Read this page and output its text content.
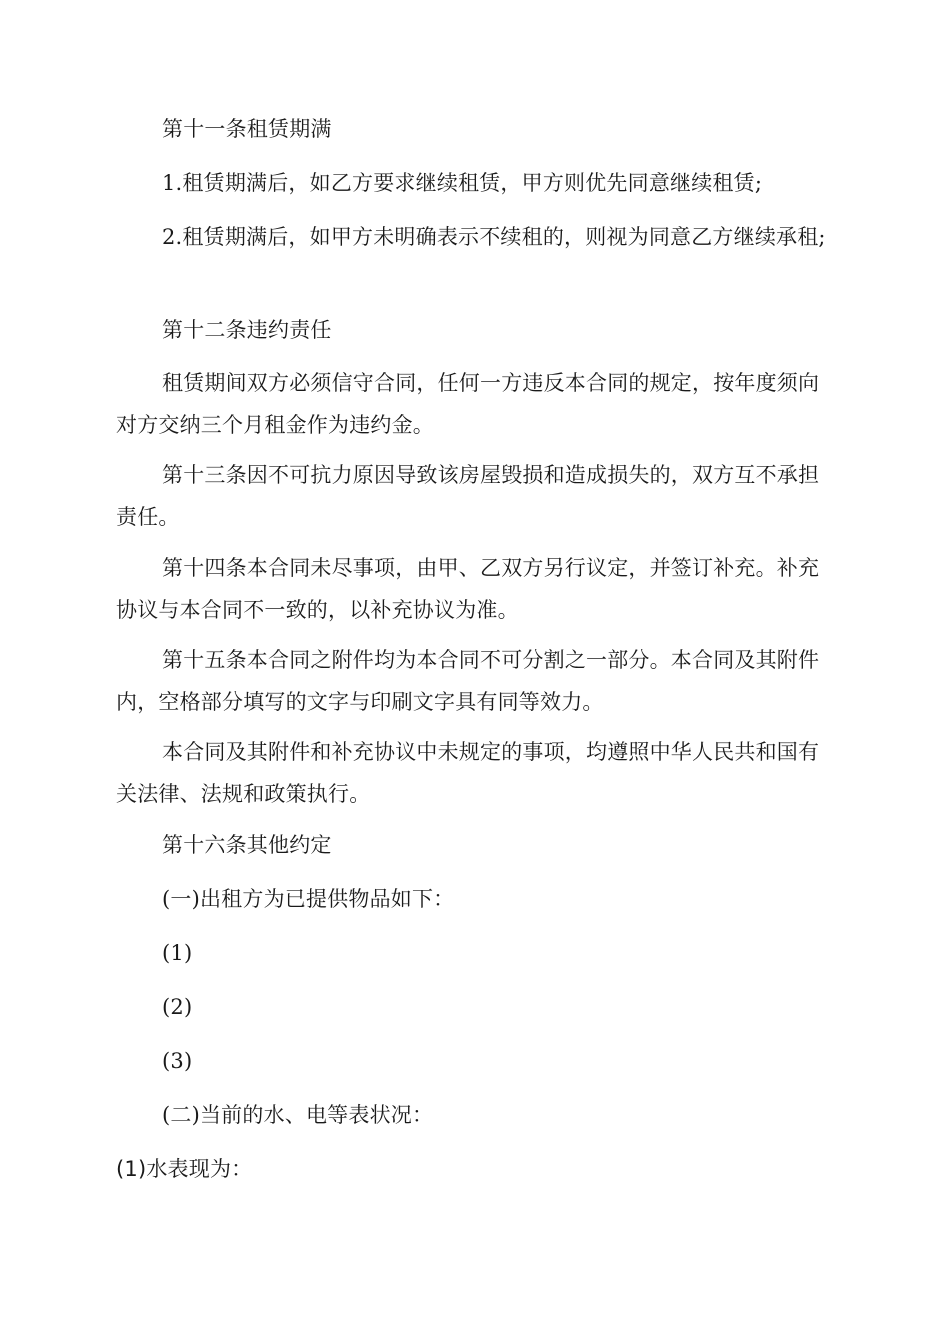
第十一条租赁期满

1.租赁期满后，如乙方要求继续租赁，甲方则优先同意继续租赁;

2.租赁期满后，如甲方未明确表示不续租的，则视为同意乙方继续承租;

第十二条违约责任

租赁期间双方必须信守合同，任何一方违反本合同的规定，按年度须向对方交纳三个月租金作为违约金。

第十三条因不可抗力原因导致该房屋毁损和造成损失的，双方互不承担责任。

第十四条本合同未尽事项，由甲、乙双方另行议定，并签订补充。补充协议与本合同不一致的，以补充协议为准。

第十五条本合同之附件均为本合同不可分割之一部分。本合同及其附件内，空格部分填写的文字与印刷文字具有同等效力。

本合同及其附件和补充协议中未规定的事项，均遵照中华人民共和国有关法律、法规和政策执行。

第十六条其他约定

(一)出租方为已提供物品如下：

(1)

(2)

(3)

(二)当前的水、电等表状况：

(1)水表现为：
